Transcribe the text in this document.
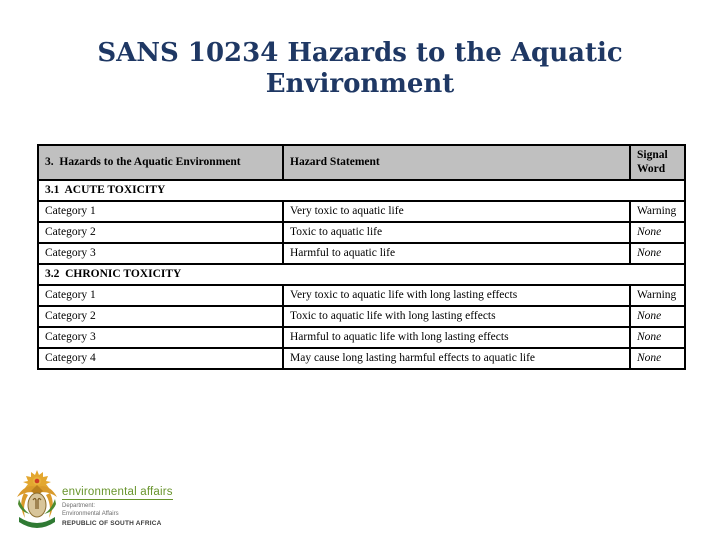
SANS 10234 Hazards to the Aquatic Environment
3.  Hazards to the Aquatic Environment	Hazard Statement	Signal Word
3.1  ACUTE TOXICITY		
Category 1	Very toxic to aquatic life	Warning
Category 2	Toxic to aquatic life	None
Category 3	Harmful to aquatic life	None
3.2  CHRONIC TOXICITY		
Category 1	Very toxic to aquatic life with long lasting effects	Warning
Category 2	Toxic to aquatic life with long lasting effects	None
Category 3	Harmful to aquatic life with long lasting effects	None
Category 4	May cause long lasting harmful effects to aquatic life	None
environmental affairs
Department:
Environmental Affairs
REPUBLIC OF SOUTH AFRICA
